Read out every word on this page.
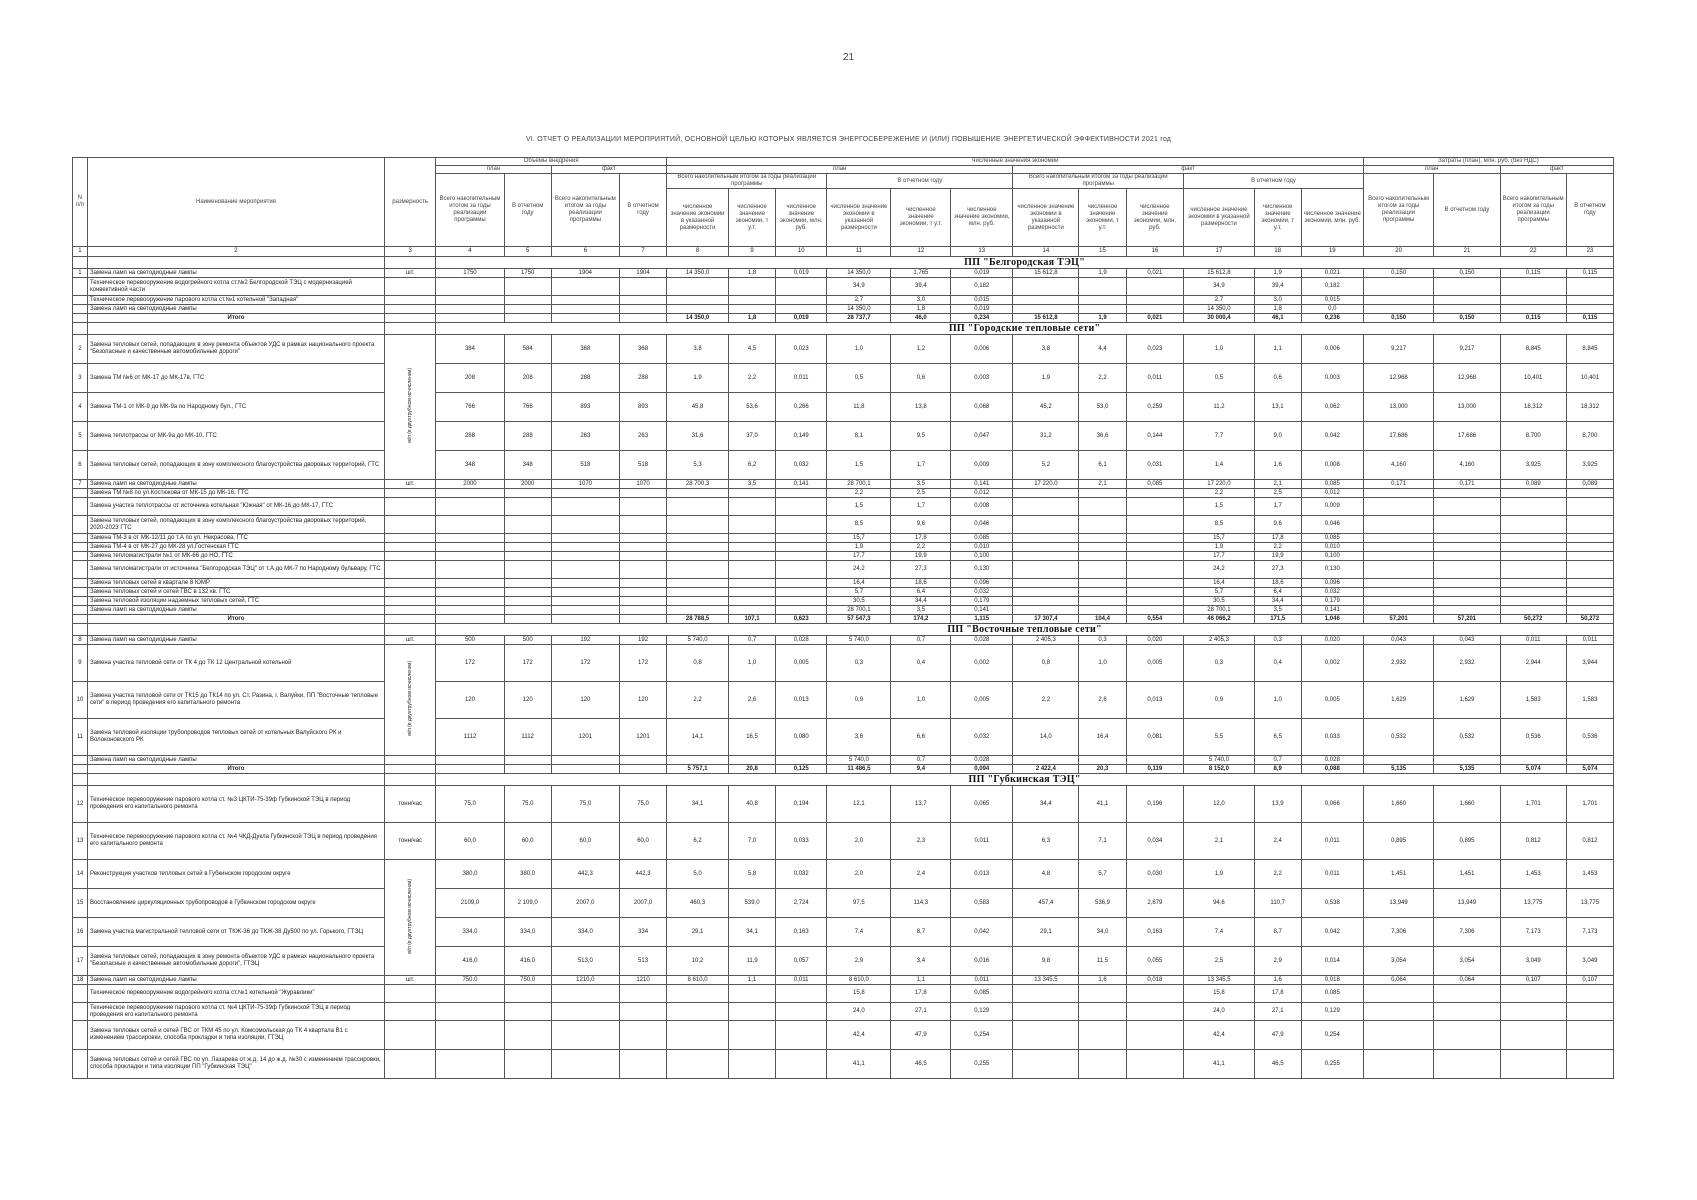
21
VI. ОТЧЕТ О РЕАЛИЗАЦИИ МЕРОПРИЯТИЙ, ОСНОВНОЙ ЦЕЛЬЮ КОТОРЫХ ЯВЛЯЕТСЯ ЭНЕРГОСБЕРЕЖЕНИЕ И (ИЛИ) ПОВЫШЕНИЕ ЭНЕРГЕТИЧЕСКОЙ ЭФФЕКТИВНОСТИ 2021 год
N п/п	Наименование мероприятия	размерность	Объемы внедрения				Численные значения экономии												Затраты (план), млн. руб. (без НДС)			
			план		факт		план						факт						план		факт	
			Всего накопительным итогом за годы реализации программы	В отчетном году	Всего накопительным итогом за годы реализации программы	В отчетном году	Всего накопительным итогом за годы реализации программы			В отчетном году			Всего накопительным итогом за годы реализации программы			В отчетном году			Всего накопительным итогом за годы реализации программы	В отчетном году	Всего накопительным итогом за годы реализации программы	В отчетном году
							численное значение экономии в указанной размерности	численное значение экономии, т у.т.	численное значение экономии, млн. руб.	численное значение экономии в указанной размерности	численное значение экономии, т у.т.	численное значение экономии, млн. руб.	численное значение экономии в указанной размерности	численное значение экономии, т у.т.	численное значение экономии, млн. руб.	численное значение экономии в указанной размерности	численное значение экономии, т у.т.	численное значение экономии, млн. руб.				
1	2	3	4	5	6	7	8	9	10	11	12	13	14	15	16	17	18	19	20	21	22	23
			ПП "Белгородская ТЭЦ"																			
1	Замена ламп на светодиодные лампы	шт.	1750	1750	1904	1904	14 350,0	1,8	0,019	14 350,0	1,765	0,019	15 612,8	1,9	0,021	15 612,8	1,9	0,021	0,150	0,150	0,115	0,115
	Техническое перевооружение водогрейного котла ст.№2 Белгородской ТЭЦ с модернизацией конвективной части									34,9	39,4	0,182				34,9	39,4	0,182				
	Техническое перевооружение парового котла ст.№1 котельной "Западная"									2,7	3,0	0,015				2,7	3,0	0,015				
	Замена ламп на светодиодные лампы									14 350,0	1,8	0,019				14 350,0	1,8	0,0				
	Итого						14 350,0	1,8	0,019	28 737,7	46,0	0,234	15 612,8	1,9	0,021	30 000,4	46,1	0,236	0,150	0,150	0,115	0,115
			ПП "Городские тепловые сети"																			
2	Замена тепловых сетей, попадающих в зону ремонта объектов УДС в рамках национального проекта "Безопасные и качественные автомобильные дороги"	м/п (в двухтрубном исчислении)	384	584	368	368	3,8	4,5	0,023	1,0	1,2	0,006	3,8	4,4	0,023	1,0	1,1	0,006	9,217	9,217	8,845	8,845
3	Замена ТМ №6 от МК-17 до МК-17в, ГТС		208	208	288	288	1,9	2,2	0,011	0,5	0,6	0,003	1,9	2,2	0,011	0,5	0,6	0,003	12,968	12,968	10,401	10,401
4	Замена ТМ-1 от МК-9 до МК-9а по Народному бул., ГТС		766	766	893	893	45,8	53,6	0,266	11,8	13,8	0,068	45,2	53,0	0,259	11,2	13,1	0,062	13,000	13,000	18,312	18,312
5	Замена теплотрассы от МК-9а до МК-10, ГТС		288	288	263	263	31,6	37,0	0,149	8,1	9,5	0,047	31,2	36,6	0,144	7,7	9,0	0,042	17,686	17,686	8,700	8,700
6	Замена тепловых сетей, попадающих в зону комплексного благоустройства дворовых территорий, ГТС		348	348	518	518	5,3	6,2	0,032	1,5	1,7	0,009	5,2	6,1	0,031	1,4	1,6	0,008	4,160	4,160	3,925	3,925
7	Замена ламп на светодиодные лампы	шт.	2000	2000	1070	1070	28 700,3	3,5	0,141	28 700,1	3,5	0,141	17 220,0	2,1	0,085	17 220,0	2,1	0,085	0,171	0,171	0,089	0,089
	Замена ТМ №8 по ул.Костюкова от МК-15 до МК-16, ГТС									2,2	2,5	0,012				2,2	2,5	0,012				
	Замена участка теплотрассы от источника котельная "Южная" от МК-16 до МК-17, ГТС									1,5	1,7	0,008				1,5	1,7	0,009				
	Замена тепловых сетей, попадающих в зону комплексного благоустройства дворовых территорий, 2020-2023 ГТС									8,5	9,6	0,046				8,5	9,6	0,046				
	Замена ТМ-3 в от МК-12/11 до т.А по ул. Некрасова, ГТС									15,7	17,8	0,085				15,7	17,8	0,085				
	Замена ТМ-4 в от МК-27 до МК-28 ул.Гостенская ГТС									1,9	2,2	0,010				1,9	2,2	0,010				
	Замена тепломагистрали №1 от МК-66 до НО, ГТС									17,7	19,9	0,100				17,7	19,9	0,100				
	Замена тепломагистрали от источника "Белгородская ТЭЦ" от т.А до МК-7 по Народному бульвару, ГТС									24,2	27,3	0,130				24,2	27,3	0,130				
	Замена тепловых сетей в квартале 8 ЮМР									16,4	18,6	0,096				16,4	18,6	0,096				
	Замена тепловых сетей и сетей ГВС в 132 кв. ГТС									5,7	6,4	0,032				5,7	6,4	0,032				
	Замена тепловой изоляции надземных тепловых сетей, ГТС									30,5	34,4	0,179				30,5	34,4	0,179				
	Замена ламп на светодиодные лампы									28 700,1	3,5	0,141				28 700,1	3,5	0,141				
	Итого						28 788,5	107,1	0,623	57 547,3	174,2	1,115	17 307,4	104,4	0,554	46 066,2	171,5	1,046	57,201	57,201	50,272	50,272
			ПП "Восточные тепловые сети"																			
8	Замена ламп на светодиодные лампы	шт.	500	500	192	192	5 740,0	0,7	0,028	5 740,0	0,7	0,028	2 405,3	0,3	0,020	2 405,3	0,3	0,020	0,043	0,043	0,011	0,011
9	Замена участка тепловой сети от ТК 4 до ТК 12 Центральной котельной	м/п (в двухтрубном исчислении)	172	172	172	172	0,8	1,0	0,005	0,3	0,4	0,002	0,8	1,0	0,005	0,3	0,4	0,002	2,932	2,932	2,944	3,944
10	Замена участка тепловой сети от ТК15 до ТК14 по ул. Ст. Разина, г. Валуйки, ПП "Восточные тепловые сети" в период проведения его капитального ремонта		120	120	120	120	2,2	2,6	0,013	0,9	1,0	0,005	2,2	2,6	0,013	0,9	1,0	0,005	1,629	1,629	1,583	1,583
11	Замена тепловой изоляции трубопроводов тепловых сетей от котельных Валуйского РК и Волоконовского РК		1112	1112	1201	1201	14,1	16,5	0,080	3,6	6,6	0,032	14,0	16,4	0,081	5,5	6,5	0,033	0,532	0,532	0,536	0,536
	Замена ламп на светодиодные лампы									5 740,0	0,7	0,028				5 740,0	0,7	0,028				
	Итого						5 757,1	20,8	0,125	11 486,5	9,4	0,094	2 422,4	20,3	0,119	8 152,0	8,9	0,088	5,135	5,135	5,074	5,074
			ПП "Губкинская ТЭЦ"																			
12	Техническое перевооружение парового котла ст. №3 ЦКТИ-75-39ф Губкинской ТЭЦ в период проведения его капитального ремонта	тонн/час	75,0	75,0	75,0	75,0	34,1	40,8	0,194	12,1	13,7	0,065	34,4	41,1	0,196	12,0	13,9	0,066	1,660	1,660	1,701	1,701
13	Техническое перевооружение парового котла ст. №4 ЧКД-Дукла Губкинской ТЭЦ в период проведения его капитального ремонта	тонн/час	60,0	60,0	60,0	60,0	6,2	7,0	0,033	2,0	2,3	0,011	6,3	7,1	0,034	2,1	2,4	0,011	0,895	0,895	0,812	0,812
14	Реконструкция участков тепловых сетей в Губкинском городском округе	м/п (в двухтрубном исчислении)	380,0	380,0	442,3	442,3	5,0	5,8	0,032	2,0	2,4	0,013	4,8	5,7	0,030	1,9	2,2	0,011	1,451	1,451	1,453	1,453
15	Восстановление циркуляционных трубопроводов в Губкинском городском округе		2109,0	2 109,0	2007,0	2007,0	460,3	539,0	2,724	97,5	114,3	0,583	457,4	536,9	2,679	94,6	110,7	0,538	13,949	13,949	13,775	13,775
16	Замена участка магистральной тепловой сети от ТКЖ-36 до ТКЖ-38 Ду500 по ул. Горького, ГТЭЦ		334,0	334,0	334,0	334	29,1	34,1	0,163	7,4	8,7	0,042	29,1	34,0	0,163	7,4	8,7	0,042	7,306	7,306	7,173	7,173
17	Замена тепловых сетей, попадающих в зону ремонта объектов УДС в рамках национального проекта "Безопасные и качественные автомобильные дороги", ГТЭЦ		416,0	416,0	513,0	513	10,2	11,9	0,057	2,9	3,4	0,016	9,8	11,5	0,055	2,5	2,9	0,014	3,054	3,054	3,049	3,049
18	Замена ламп на светодиодные лампы	шт.	750,0	750,0	1210,0	1210	8 610,0	1,1	0,011	8 610,0	1,1	0,011	13 345,5	1,6	0,018	13 345,5	1,6	0,018	0,064	0,064	0,107	0,107
	Техническое перевооружение водогрейного котла ст.№1 котельной "Журавлики"									15,8	17,8	0,085				15,8	17,8	0,085				
	Техническое перевооружение парового котла ст. №4 ЦКТИ-75-39ф Губкинской ТЭЦ в период проведения его капитального ремонта									24,0	27,1	0,129				24,0	27,1	0,129				
	Замена тепловых сетей и сетей ГВС от ТКМ 45 по ул. Комсомольская до ТК 4 квартала В1 с изменением трассировки, способа прокладки и типа изоляции, ГТЭЦ									42,4	47,9	0,254				42,4	47,9	0,254				
	Замена тепловых сетей и сетей ГВС по ул. Лазарева от ж.д. 14 до ж.д. №30 с изменением трассировки, способа прокладки и типа изоляции ПП "Губкинская ТЭЦ"									41,1	46,5	0,255				41,1	46,5	0,255				
